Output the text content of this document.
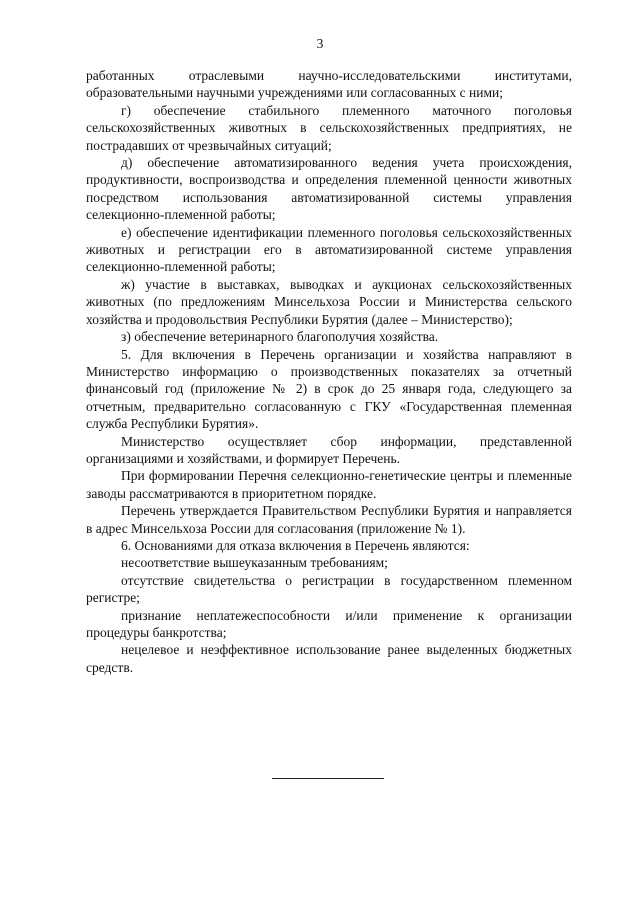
3

работанных отраслевыми научно-исследовательскими институтами, образовательными научными учреждениями или согласованных с ними;

г) обеспечение стабильного племенного маточного поголовья сельскохозяйственных животных в сельскохозяйственных предприятиях, не пострадавших от чрезвычайных ситуаций;

д) обеспечение автоматизированного ведения учета происхождения, продуктивности, воспроизводства и определения племенной ценности животных посредством использования автоматизированной системы управления селекционно-племенной работы;

е) обеспечение идентификации племенного поголовья сельскохозяйственных животных и регистрации его в автоматизированной системе управления селекционно-племенной работы;

ж) участие в выставках, выводках и аукционах сельскохозяйственных животных (по предложениям Минсельхоза России и Министерства сельского хозяйства и продовольствия Республики Бурятия (далее – Министерство);

з) обеспечение ветеринарного благополучия хозяйства.

5. Для включения в Перечень организации и хозяйства направляют в Министерство информацию о производственных показателях за отчетный финансовый год (приложение № 2) в срок до 25 января года, следующего за отчетным, предварительно согласованную с ГКУ «Государственная племенная служба Республики Бурятия».

Министерство осуществляет сбор информации, представленной организациями и хозяйствами, и формирует Перечень.

При формировании Перечня селекционно-генетические центры и племенные заводы рассматриваются в приоритетном порядке.

Перечень утверждается Правительством Республики Бурятия и направляется в адрес Минсельхоза России для согласования (приложение № 1).

6. Основаниями для отказа включения в Перечень являются:

несоответствие вышеуказанным требованиям;

отсутствие свидетельства о регистрации в государственном племенном регистре;

признание неплатежеспособности и/или применение к организации процедуры банкротства;

нецелевое и неэффективное использование ранее выделенных бюджетных средств.
